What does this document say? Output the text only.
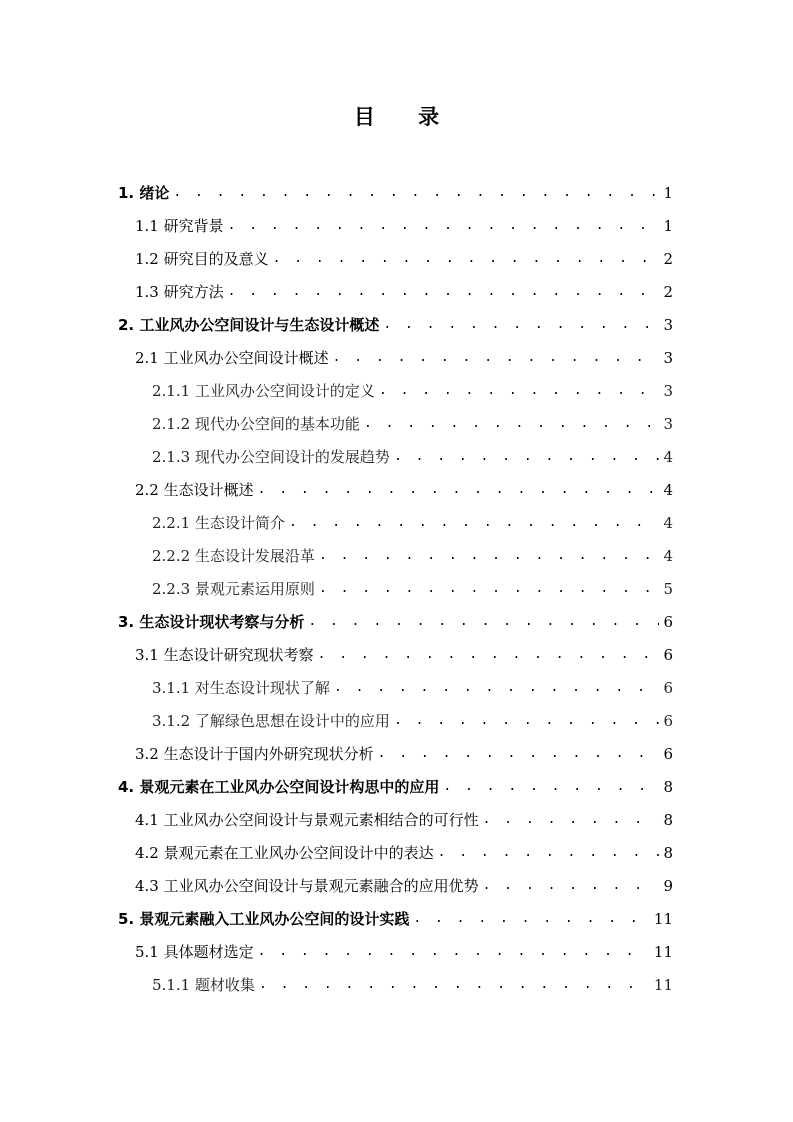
目 录
1. 绪论 . . .	1
1.1 研究背景 . . .	1
1.2 研究目的及意义 . . .	2
1.3 研究方法 . . .	2
2. 工业风办公空间设计与生态设计概述 . . .	3
2.1 工业风办公空间设计概述 . . .	3
2.1.1 工业风办公空间设计的定义 . . .	3
2.1.2 现代办公空间的基本功能 . . .	3
2.1.3 现代办公空间设计的发展趋势 . . .	4
2.2 生态设计概述 . . .	4
2.2.1 生态设计简介 . . .	4
2.2.2 生态设计发展沿革 . . .	4
2.2.3 景观元素运用原则 . . .	5
3. 生态设计现状考察与分析 . . .	6
3.1 生态设计研究现状考察 . . .	6
3.1.1 对生态设计现状了解 . . .	6
3.1.2 了解绿色思想在设计中的应用 . . .	6
3.2 生态设计于国内外研究现状分析 . . .	6
4. 景观元素在工业风办公空间设计构思中的应用 . . .	8
4.1 工业风办公空间设计与景观元素相结合的可行性 . . .	8
4.2 景观元素在工业风办公空间设计中的表达 . . .	8
4.3 工业风办公空间设计与景观元素融合的应用优势 . . .	9
5. 景观元素融入工业风办公空间的设计实践 . . .	11
5.1 具体题材选定 . . .	11
5.1.1 题材收集 . . .	11
